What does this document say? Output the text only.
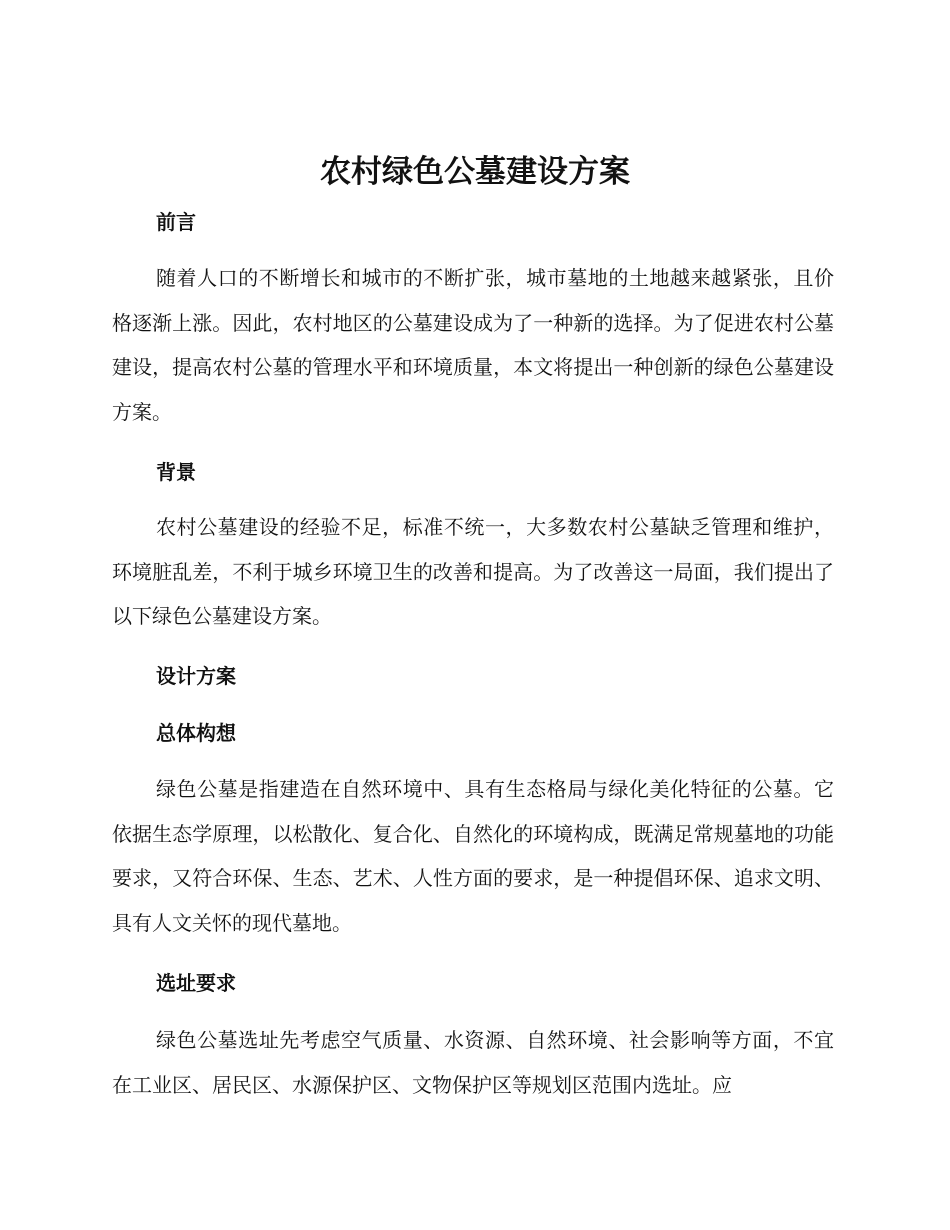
农村绿色公墓建设方案
前言
随着人口的不断增长和城市的不断扩张，城市墓地的土地越来越紧张，且价格逐渐上涨。因此，农村地区的公墓建设成为了一种新的选择。为了促进农村公墓建设，提高农村公墓的管理水平和环境质量，本文将提出一种创新的绿色公墓建设方案。
背景
农村公墓建设的经验不足，标准不统一，大多数农村公墓缺乏管理和维护，环境脏乱差，不利于城乡环境卫生的改善和提高。为了改善这一局面，我们提出了以下绿色公墓建设方案。
设计方案
总体构想
绿色公墓是指建造在自然环境中、具有生态格局与绿化美化特征的公墓。它依据生态学原理，以松散化、复合化、自然化的环境构成，既满足常规墓地的功能要求，又符合环保、生态、艺术、人性方面的要求，是一种提倡环保、追求文明、具有人文关怀的现代墓地。
选址要求
绿色公墓选址先考虑空气质量、水资源、自然环境、社会影响等方面，不宜在工业区、居民区、水源保护区、文物保护区等规划区范围内选址。应
